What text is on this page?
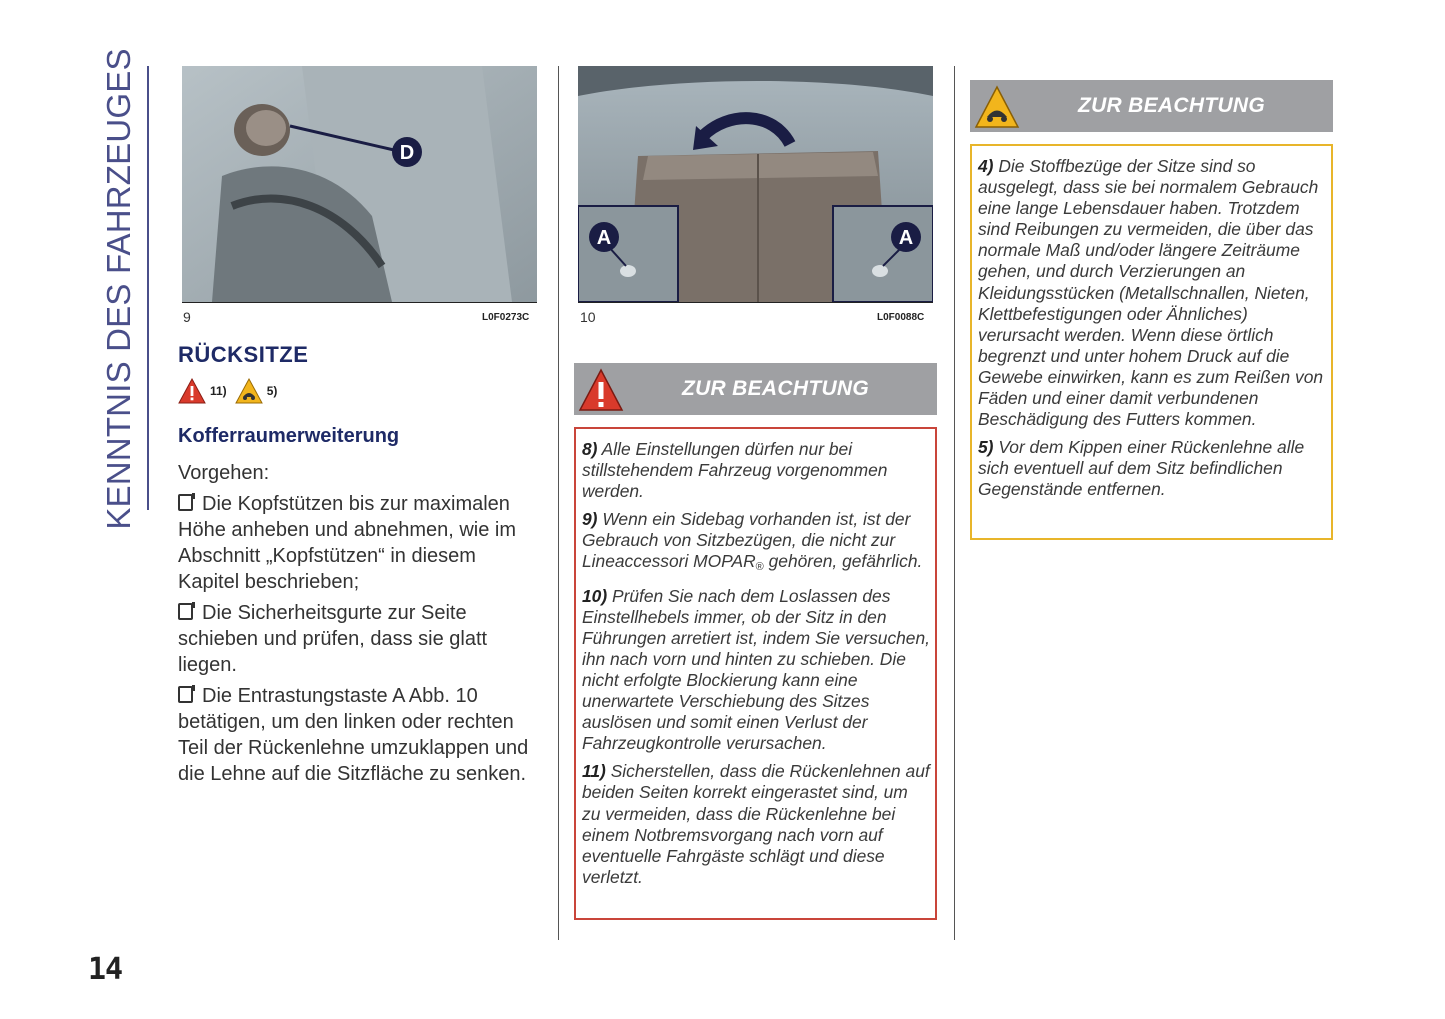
KENNTNIS DES FAHRZEUGES	D
9	L0F0273C
A	A
10	L0F0088C
RÜCKSITZE
11)	5)
Kofferraumerweiterung

Vorgehen:

Die Kopfstützen bis zur maximalen Höhe anheben und abnehmen, wie im Abschnitt „Kopfstützen“ in diesem Kapitel beschrieben;

Die Sicherheitsgurte zur Seite schieben und prüfen, dass sie glatt liegen.

Die Entrastungstaste A Abb. 10 betätigen, um den linken oder rechten Teil der Rückenlehne umzuklappen und die Lehne auf die Sitzfläche zu senken.

ZUR BEACHTUNG

8) Alle Einstellungen dürfen nur bei stillstehendem Fahrzeug vorgenommen werden.

9) Wenn ein Sidebag vorhanden ist, ist der Gebrauch von Sitzbezügen, die nicht zur Lineaccessori $MOPAR_®$ gehören, gefährlich.

10) Prüfen Sie nach dem Loslassen des Einstellhebels immer, ob der Sitz in den Führungen arretiert ist, indem Sie versuchen, ihn nach vorn und hinten zu schieben. Die nicht erfolgte Blockierung kann eine unerwartete Verschiebung des Sitzes auslösen und somit einen Verlust der Fahrzeugkontrolle verursachen.

11) Sicherstellen, dass die Rückenlehnen auf beiden Seiten korrekt eingerastet sind, um zu vermeiden, dass die Rückenlehne bei einem Notbremsvorgang nach vorn auf eventuelle Fahrgäste schlägt und diese verletzt.

ZUR BEACHTUNG

4) Die Stoffbezüge der Sitze sind so ausgelegt, dass sie bei normalem Gebrauch eine lange Lebensdauer haben. Trotzdem sind Reibungen zu vermeiden, die über das normale Maß und/oder längere Zeiträume gehen, und durch Verzierungen an Kleidungsstücken (Metallschnallen, Nieten, Klettbefestigungen oder Ähnliches) verursacht werden. Wenn diese örtlich begrenzt und unter hohem Druck auf die Gewebe einwirken, kann es zum Reißen von Fäden und einer damit verbundenen Beschädigung des Futters kommen.

5) Vor dem Kippen einer Rückenlehne alle sich eventuell auf dem Sitz befindlichen Gegenstände entfernen.

14
